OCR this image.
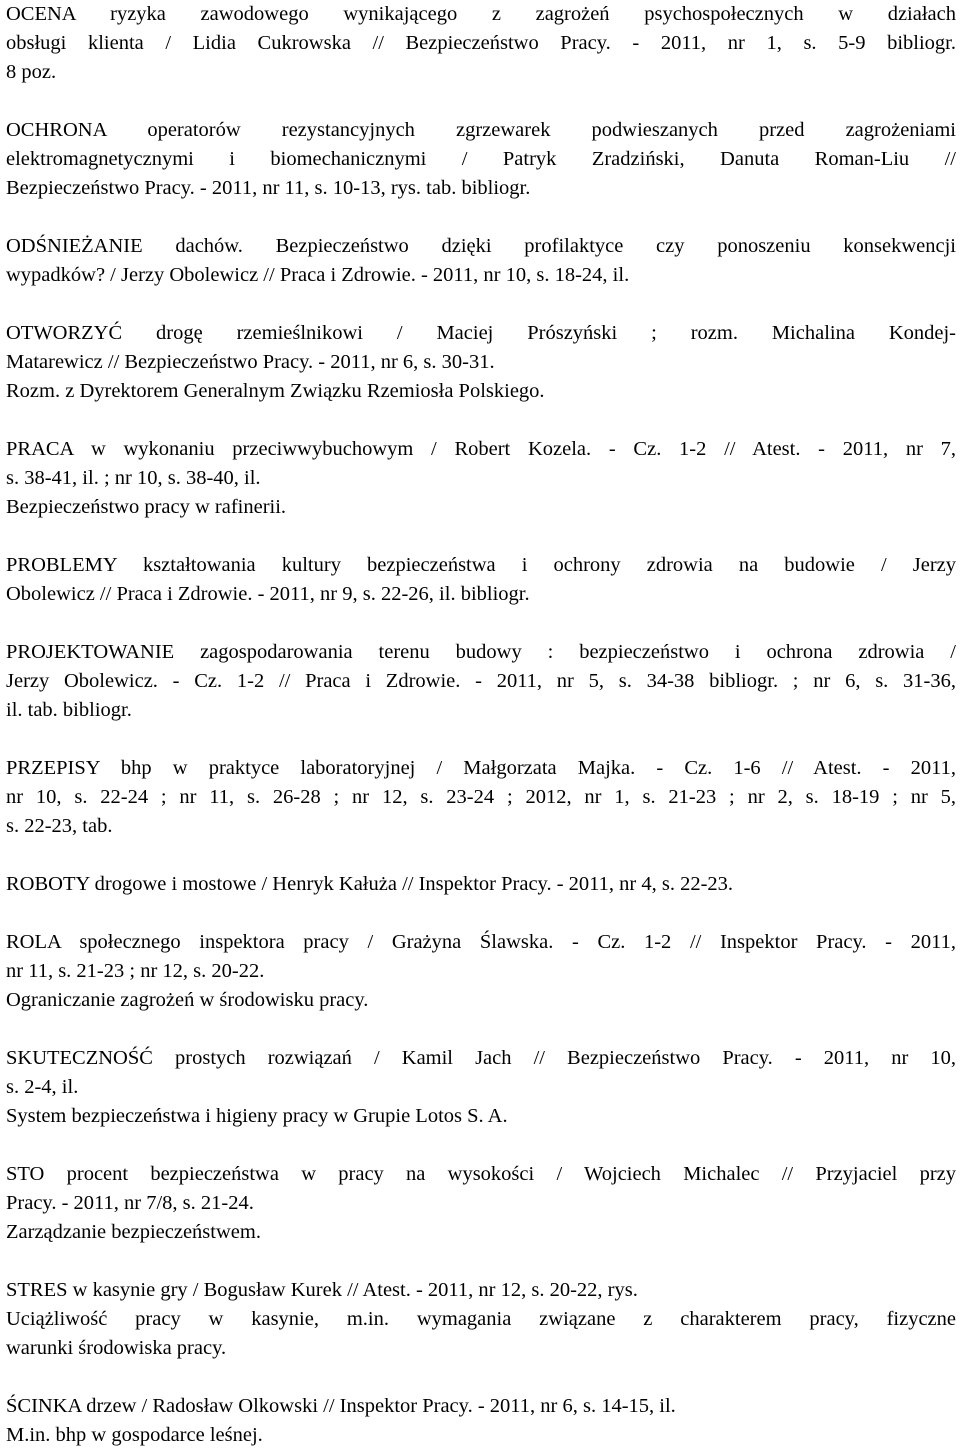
OCENA ryzyka zawodowego wynikającego z zagrożeń psychospołecznych w działach
obsługi klienta / Lidia Cukrowska // Bezpieczeństwo Pracy. - 2011, nr 1, s. 5-9 bibliogr.
8 poz.
OCHRONA operatorów rezystancyjnych zgrzewarek podwieszanych przed zagrożeniami
elektromagnetycznymi i biomechanicznymi / Patryk Zradziński, Danuta Roman-Liu //
Bezpieczeństwo Pracy. - 2011, nr 11, s. 10-13, rys. tab. bibliogr.
ODŚNIEŻANIE dachów. Bezpieczeństwo dzięki profilaktyce czy ponoszeniu konsekwencji
wypadków? / Jerzy Obolewicz // Praca i Zdrowie. - 2011, nr 10, s. 18-24, il.
OTWORZYĆ drogę rzemieślnikowi / Maciej Prószyński ; rozm. Michalina Kondej-
Matarewicz // Bezpieczeństwo Pracy. - 2011, nr 6, s. 30-31.
Rozm. z Dyrektorem Generalnym Związku Rzemiosła Polskiego.
PRACA w wykonaniu przeciwwybuchowym / Robert Kozela. - Cz. 1-2 // Atest. - 2011, nr 7,
s. 38-41, il. ; nr 10, s. 38-40, il.
Bezpieczeństwo pracy w rafinerii.
PROBLEMY kształtowania kultury bezpieczeństwa i ochrony zdrowia na budowie / Jerzy
Obolewicz // Praca i Zdrowie. - 2011, nr 9, s. 22-26, il. bibliogr.
PROJEKTOWANIE zagospodarowania terenu budowy : bezpieczeństwo i ochrona zdrowia /
Jerzy Obolewicz. - Cz. 1-2 // Praca i Zdrowie. - 2011, nr 5, s. 34-38 bibliogr. ; nr 6, s. 31-36,
il. tab. bibliogr.
PRZEPISY bhp w praktyce laboratoryjnej / Małgorzata Majka. - Cz. 1-6 // Atest. - 2011,
nr 10, s. 22-24 ; nr 11, s. 26-28 ; nr 12, s. 23-24 ; 2012, nr 1, s. 21-23 ; nr 2, s. 18-19 ; nr 5,
s. 22-23, tab.
ROBOTY drogowe i mostowe / Henryk Kałuża // Inspektor Pracy. - 2011, nr 4, s. 22-23.
ROLA społecznego inspektora pracy / Grażyna Ślawska. - Cz. 1-2 // Inspektor Pracy. - 2011,
nr 11, s. 21-23 ; nr 12, s. 20-22.
Ograniczanie zagrożeń w środowisku pracy.
SKUTECZNOŚĆ prostych rozwiązań / Kamil Jach // Bezpieczeństwo Pracy. - 2011, nr 10,
s. 2-4, il.
System bezpieczeństwa i higieny pracy w Grupie Lotos S. A.
STO procent bezpieczeństwa w pracy na wysokości / Wojciech Michalec // Przyjaciel przy
Pracy. - 2011, nr 7/8, s. 21-24.
Zarządzanie bezpieczeństwem.
STRES w kasynie gry / Bogusław Kurek // Atest. - 2011, nr 12, s. 20-22, rys.
Uciążliwość pracy w kasynie, m.in. wymagania związane z charakterem pracy, fizyczne
warunki środowiska pracy.
ŚCINKA drzew / Radosław Olkowski // Inspektor Pracy. - 2011, nr 6, s. 14-15, il.
M.in. bhp w gospodarce leśnej.
